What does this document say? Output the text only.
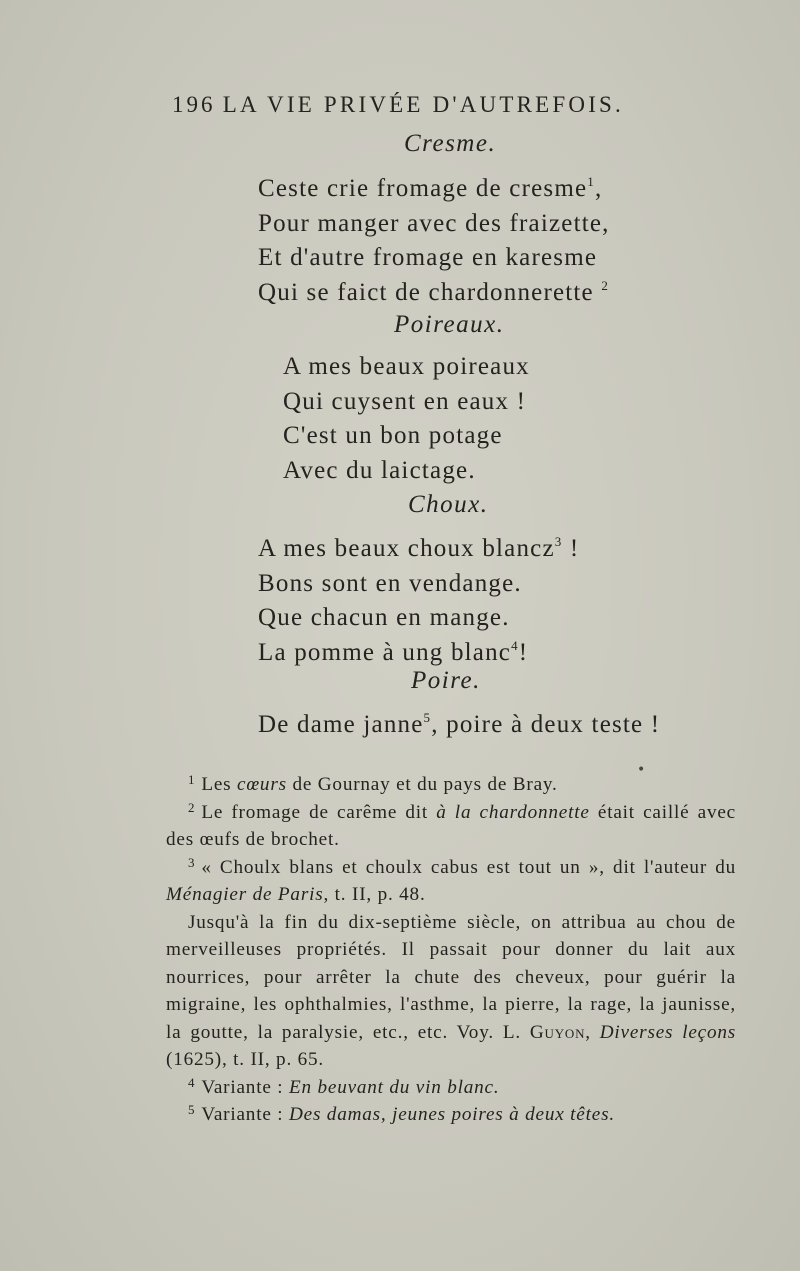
196 LA VIE PRIVÉE D'AUTREFOIS.
Cresme.
Ceste crie fromage de cresme$^1$,
Pour manger avec des fraizette,
Et d'autre fromage en karesme
Qui se faict de chardonnerette $^2$
Poireaux.
A mes beaux poireaux
Qui cuysent en eaux !
C'est un bon potage
Avec du laictage.
Choux.
A mes beaux choux blancz$^3$ !
Bons sont en vendange.
Que chacun en mange.
La pomme à ung blanc$^4$!
Poire.
De dame janne$^5$, poire à deux teste !
•
$^1$ Les cœurs de Gournay et du pays de Bray.
$^2$ Le fromage de carême dit à la chardonnette était caillé avec des œufs de brochet.
$^3$ « Choulx blans et choulx cabus est tout un », dit l'auteur du Ménagier de Paris, t. II, p. 48.
Jusqu'à la fin du dix-septième siècle, on attribua au chou de merveilleuses propriétés. Il passait pour donner du lait aux nourrices, pour arrêter la chute des cheveux, pour guérir la migraine, les ophthalmies, l'asthme, la pierre, la rage, la jaunisse, la goutte, la paralysie, etc., etc. Voy. L. Guyon, Diverses leçons (1625), t. II, p. 65.
$^4$ Variante : En beuvant du vin blanc.
$^5$ Variante : Des damas, jeunes poires à deux têtes.
